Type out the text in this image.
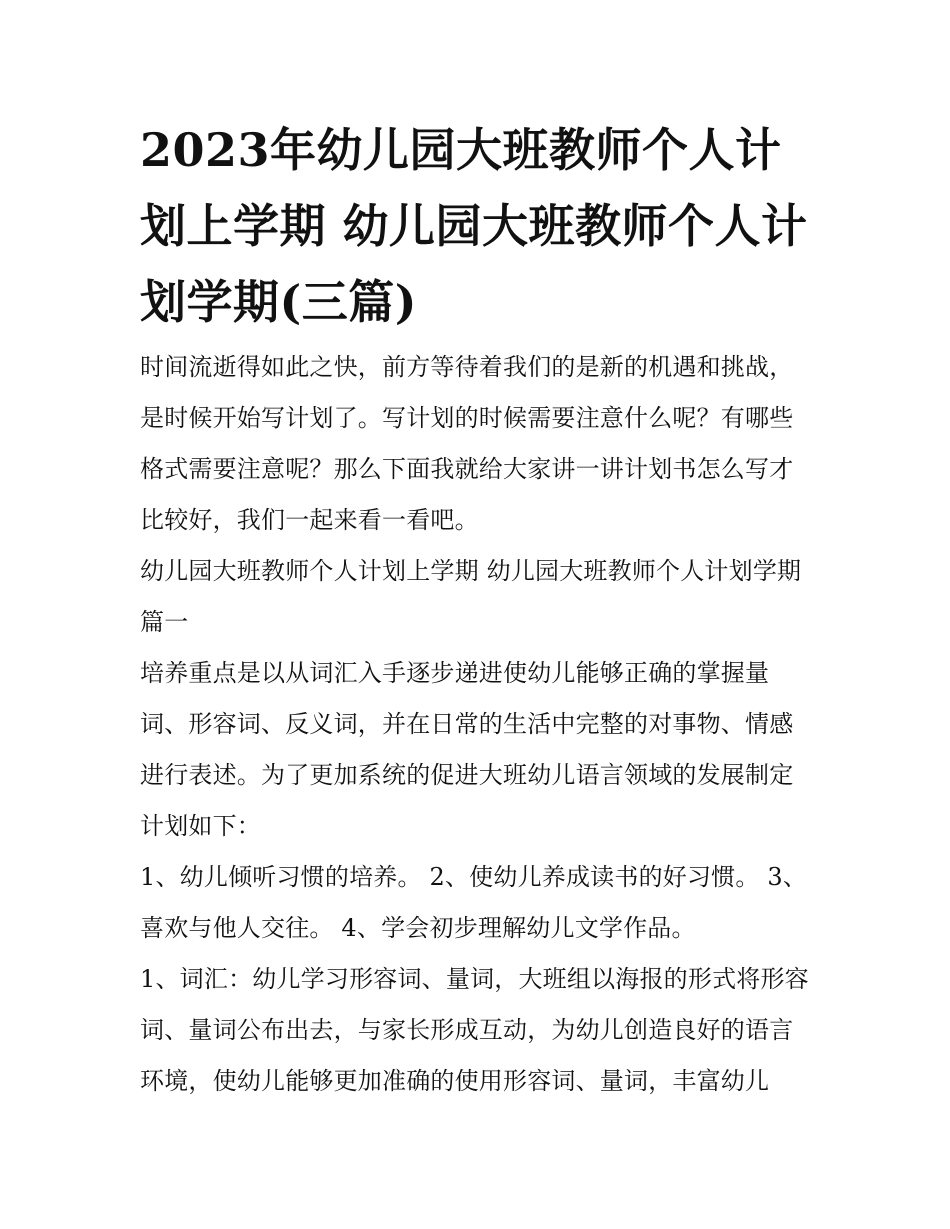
2023年幼儿园大班教师个人计划上学期 幼儿园大班教师个人计划学期(三篇)

时间流逝得如此之快，前方等待着我们的是新的机遇和挑战，是时候开始写计划了。写计划的时候需要注意什么呢？有哪些格式需要注意呢？那么下面我就给大家讲一讲计划书怎么写才比较好，我们一起来看一看吧。

幼儿园大班教师个人计划上学期 幼儿园大班教师个人计划学期篇一

培养重点是以从词汇入手逐步递进使幼儿能够正确的掌握量词、形容词、反义词，并在日常的生活中完整的对事物、情感进行表述。为了更加系统的促进大班幼儿语言领域的发展制定计划如下：

1、幼儿倾听习惯的培养。 2、使幼儿养成读书的好习惯。 3、喜欢与他人交往。 4、学会初步理解幼儿文学作品。

1、词汇：幼儿学习形容词、量词，大班组以海报的形式将形容词、量词公布出去，与家长形成互动，为幼儿创造良好的语言环境，使幼儿能够更加准确的使用形容词、量词，丰富幼儿
